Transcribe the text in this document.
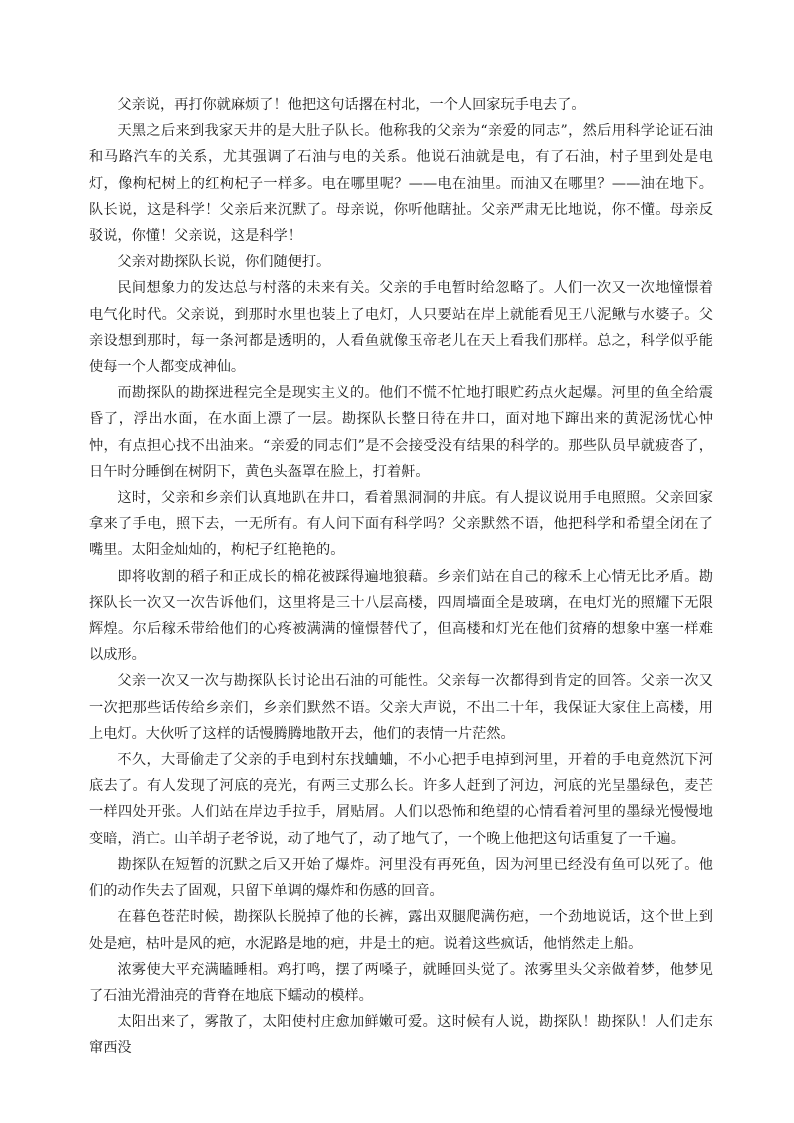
父亲说，再打你就麻烦了！他把这句话撂在村北，一个人回家玩手电去了。

天黑之后来到我家天井的是大肚子队长。他称我的父亲为“亲爱的同志”，然后用科学论证石油和马路汽车的关系，尤其强调了石油与电的关系。他说石油就是电，有了石油，村子里到处是电灯，像枸杞树上的红枸杞子一样多。电在哪里呢？——电在油里。而油又在哪里？——油在地下。队长说，这是科学！父亲后来沉默了。母亲说，你听他瞎扯。父亲严肃无比地说，你不懂。母亲反驳说，你懂！父亲说，这是科学！

父亲对勘探队长说，你们随便打。

民间想象力的发达总与村落的未来有关。父亲的手电暂时给忽略了。人们一次又一次地憧憬着电气化时代。父亲说，到那时水里也装上了电灯，人只要站在岸上就能看见王八泥鳅与水婆子。父亲设想到那时，每一条河都是透明的，人看鱼就像玉帝老儿在天上看我们那样。总之，科学似乎能使每一个人都变成神仙。

而勘探队的勘探进程完全是现实主义的。他们不慌不忙地打眼贮药点火起爆。河里的鱼全给震昏了，浮出水面，在水面上漂了一层。勘探队长整日待在井口，面对地下蹿出来的黄泥汤忧心忡忡，有点担心找不出油来。“亲爱的同志们”是不会接受没有结果的科学的。那些队员早就疲沓了，日午时分睡倒在树阴下，黄色头盔罩在脸上，打着鼾。

这时，父亲和乡亲们认真地趴在井口，看着黑洞洞的井底。有人提议说用手电照照。父亲回家拿来了手电，照下去，一无所有。有人问下面有科学吗？父亲默然不语，他把科学和希望全闭在了嘴里。太阳金灿灿的，枸杞子红艳艳的。

即将收割的稻子和正成长的棉花被踩得遍地狼藉。乡亲们站在自己的稼禾上心情无比矛盾。勘探队长一次又一次告诉他们，这里将是三十八层高楼，四周墙面全是玻璃，在电灯光的照耀下无限辉煌。尔后稼禾带给他们的心疼被满满的憧憬替代了，但高楼和灯光在他们贫瘠的想象中塞一样难以成形。

父亲一次又一次与勘探队长讨论出石油的可能性。父亲每一次都得到肯定的回答。父亲一次又一次把那些话传给乡亲们，乡亲们默然不语。父亲大声说，不出二十年，我保证大家住上高楼，用上电灯。大伙听了这样的话慢腾腾地散开去，他们的表情一片茫然。

不久，大哥偷走了父亲的手电到村东找蛐蛐，不小心把手电掉到河里，开着的手电竟然沉下河底去了。有人发现了河底的亮光，有两三丈那么长。许多人赶到了河边，河底的光呈墨绿色，麦芒一样四处开张。人们站在岸边手拉手，屑贴屑。人们以恐怖和绝望的心情看着河里的墨绿光慢慢地变暗，消亡。山羊胡子老爷说，动了地气了，动了地气了，一个晚上他把这句话重复了一千遍。

勘探队在短暂的沉默之后又开始了爆炸。河里没有再死鱼，因为河里已经没有鱼可以死了。他们的动作失去了固观，只留下单调的爆炸和伤感的回音。

在暮色苍茫时候，勘探队长脱掉了他的长裤，露出双腿爬满伤疤，一个劲地说话，这个世上到处是疤，枯叶是风的疤，水泥路是地的疤，井是土的疤。说着这些疯话，他悄然走上船。

浓雾使大平充满瞌睡相。鸡打鸣，摆了两嗓子，就睡回头觉了。浓雾里头父亲做着梦，他梦见了石油光滑油亮的背脊在地底下蠕动的模样。

太阳出来了，雾散了，太阳使村庄愈加鲜嫩可爱。这时候有人说，勘探队！勘探队！人们走东窜西没
